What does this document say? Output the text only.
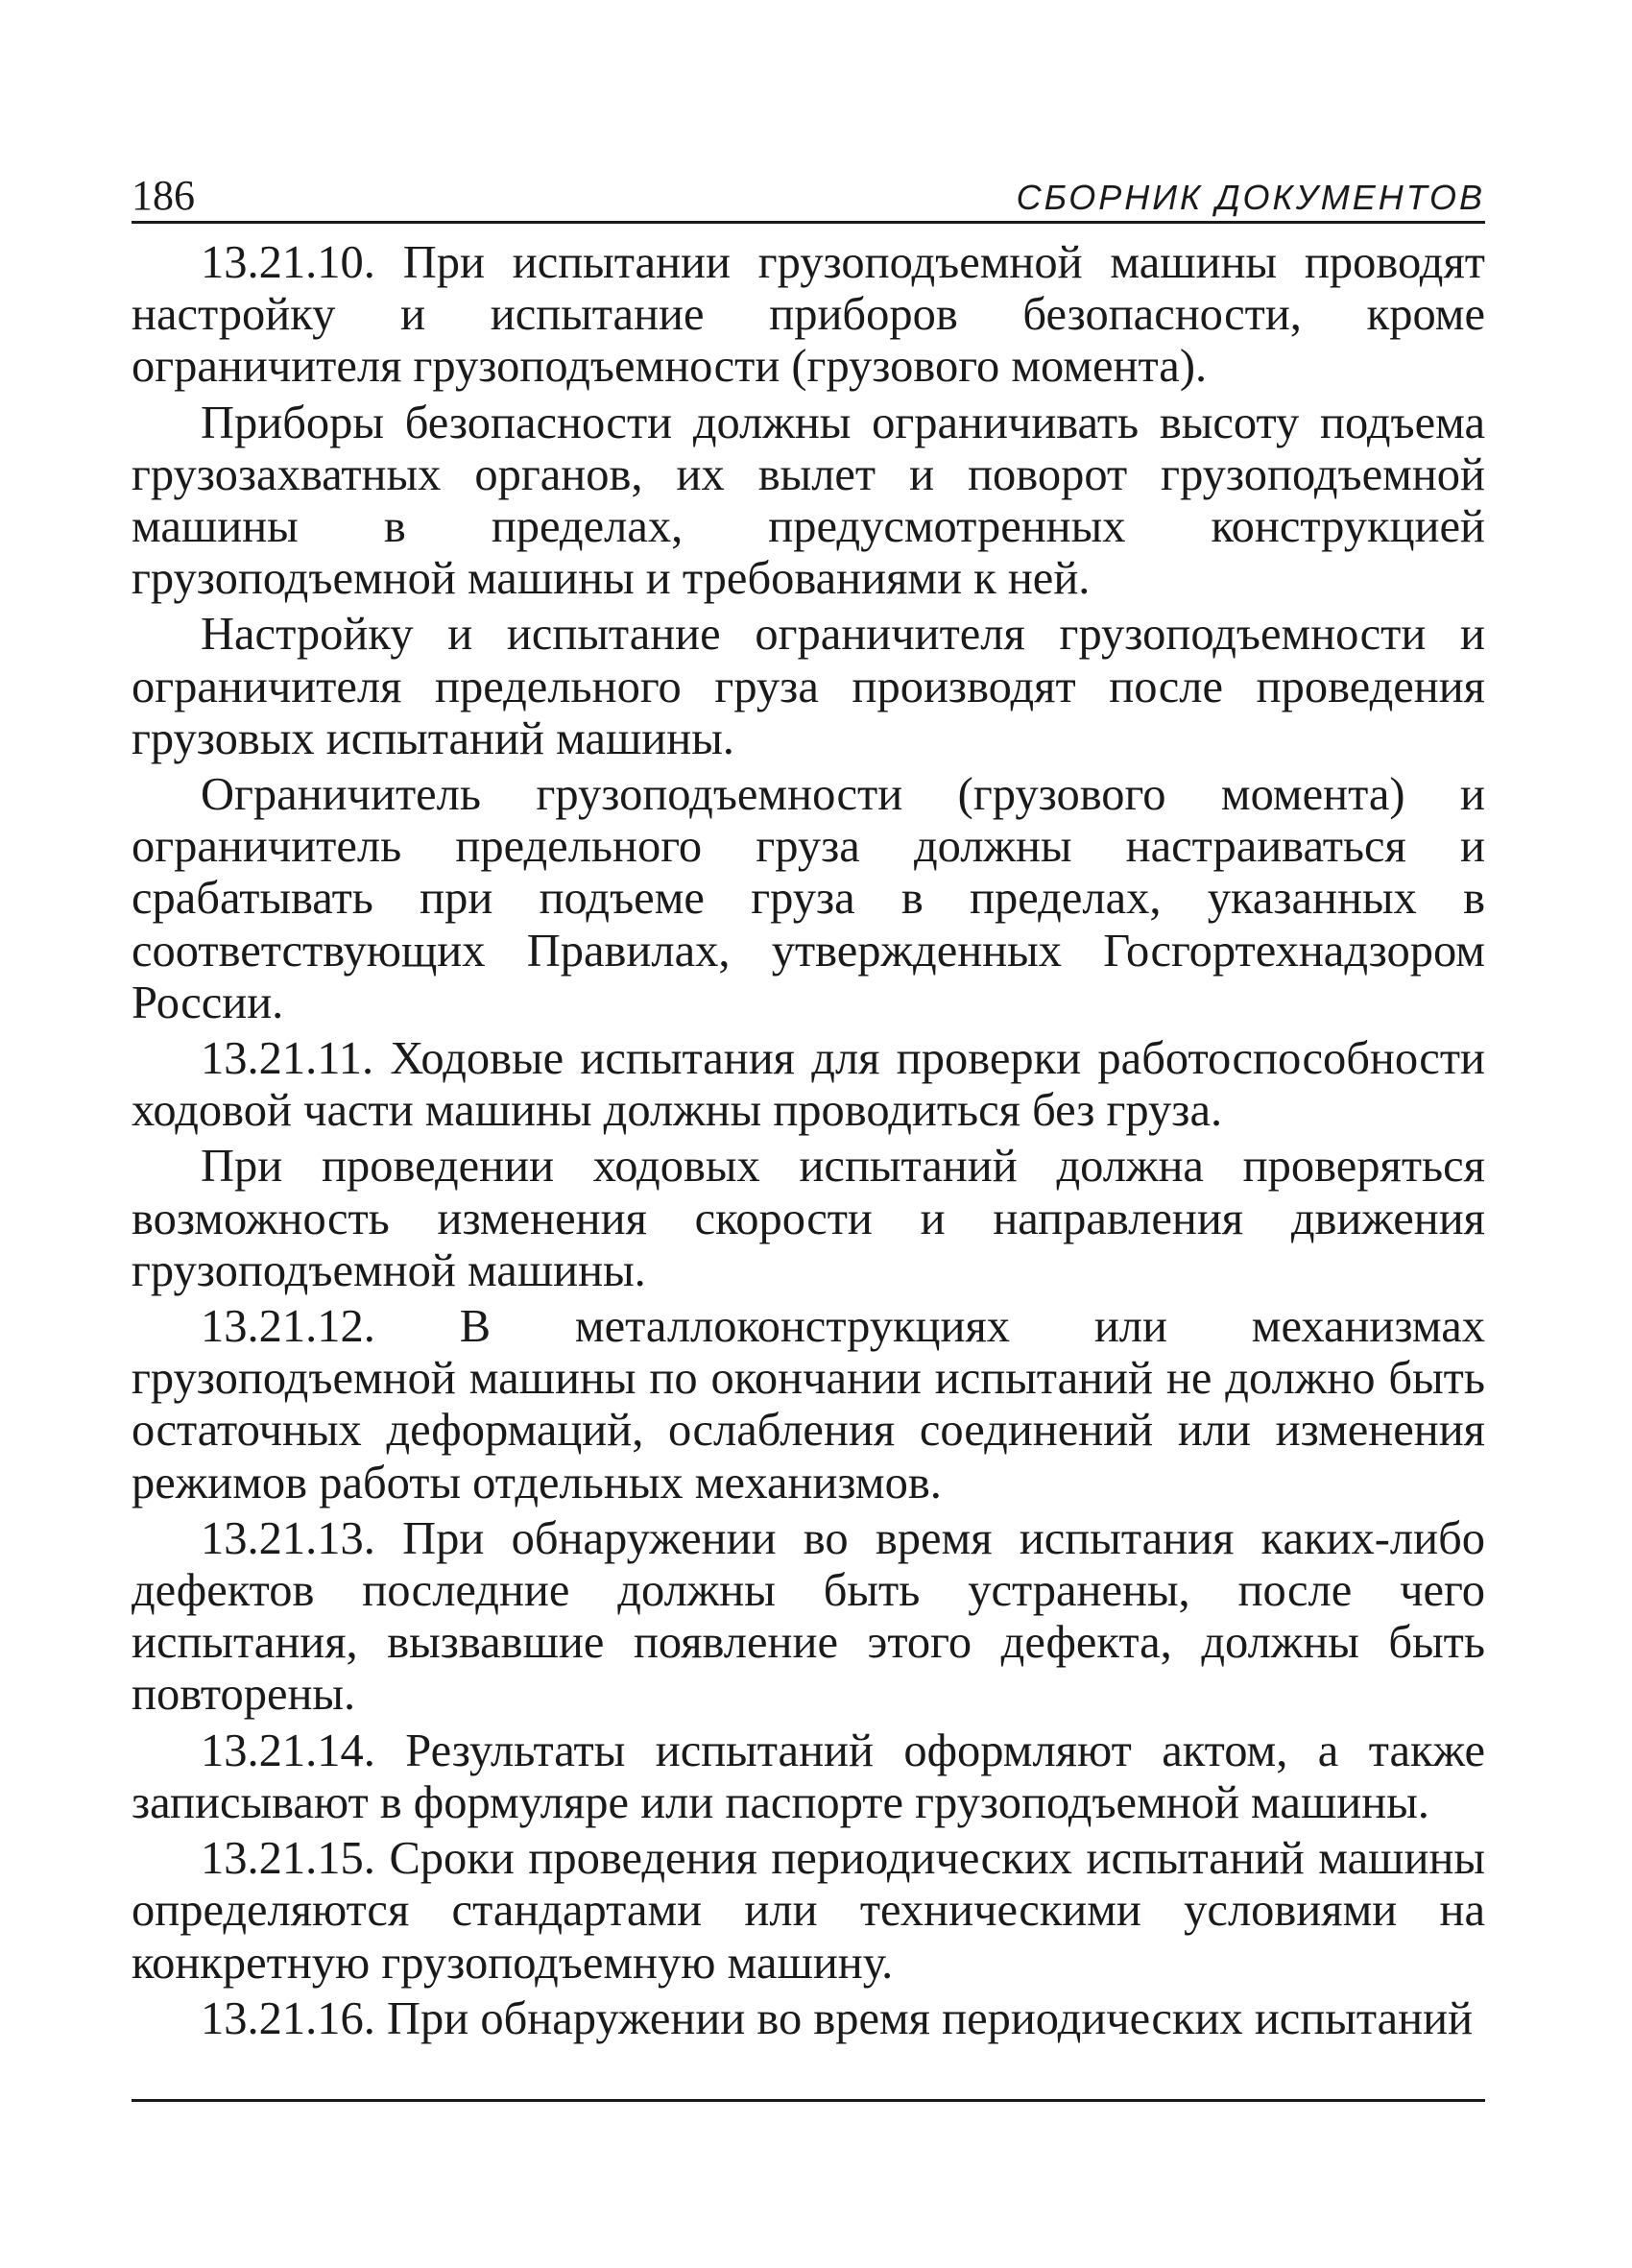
186	СБОРНИК ДОКУМЕНТОВ

13.21.10. При испытании грузоподъемной машины проводят настройку и испытание приборов безопасности, кроме ограничителя грузоподъемности (грузового момента).

Приборы безопасности должны ограничивать высоту подъема грузозахватных органов, их вылет и поворот грузоподъемной машины в пределах, предусмотренных конструкцией грузоподъемной машины и требованиями к ней.

Настройку и испытание ограничителя грузоподъемности и ограничителя предельного груза производят после проведения грузовых испытаний машины.

Ограничитель грузоподъемности (грузового момента) и ограничитель предельного груза должны настраиваться и срабатывать при подъеме груза в пределах, указанных в соответствующих Правилах, утвержденных Госгортехнадзором России.

13.21.11. Ходовые испытания для проверки работоспособности ходовой части машины должны проводиться без груза.

При проведении ходовых испытаний должна проверяться возможность изменения скорости и направления движения грузоподъемной машины.

13.21.12. В металлоконструкциях или механизмах грузоподъемной машины по окончании испытаний не должно быть остаточных деформаций, ослабления соединений или изменения режимов работы отдельных механизмов.

13.21.13. При обнаружении во время испытания каких-либо дефектов последние должны быть устранены, после чего испытания, вызвавшие появление этого дефекта, должны быть повторены.

13.21.14. Результаты испытаний оформляют актом, а также записывают в формуляре или паспорте грузоподъемной машины.

13.21.15. Сроки проведения периодических испытаний машины определяются стандартами или техническими условиями на конкретную грузоподъемную машину.

13.21.16. При обнаружении во время периодических испытаний
